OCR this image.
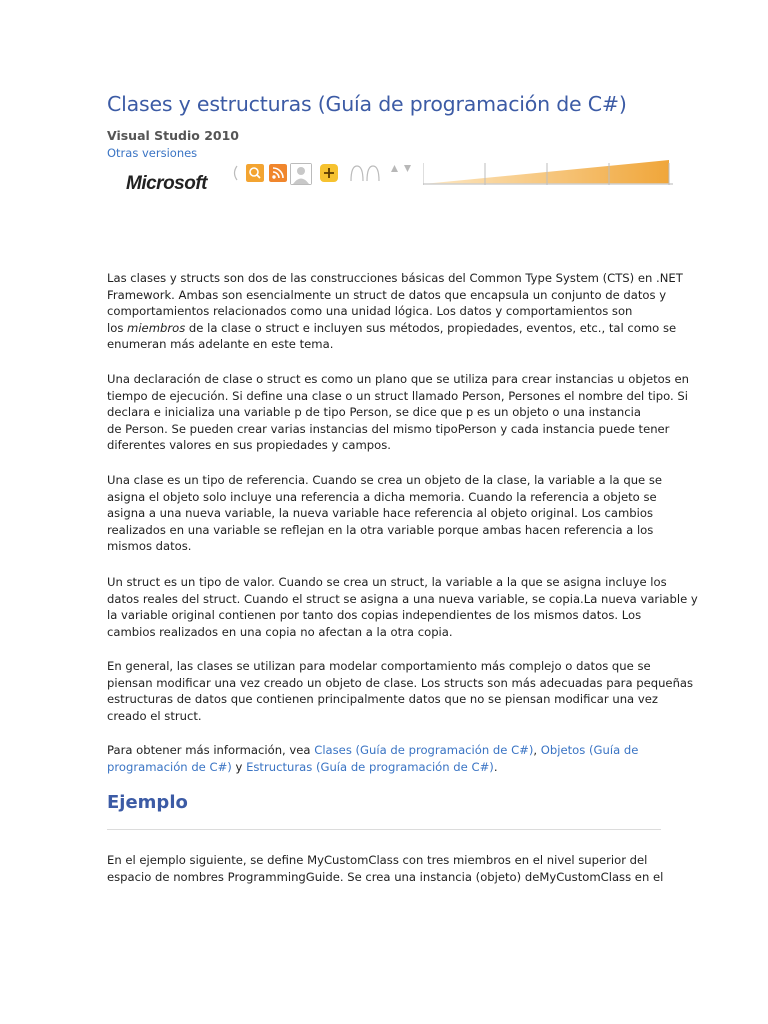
Clases y estructuras (Guía de programación de C#)
Visual Studio 2010
Otras versiones
Microsoft

Las clases y structs son dos de las construcciones básicas del Common Type System (CTS) en .NET

Framework. Ambas son esencialmente un struct de datos que encapsula un conjunto de datos y

comportamientos relacionados como una unidad lógica. Los datos y comportamientos son

los miembros de la clase o struct e incluyen sus métodos, propiedades, eventos, etc., tal como se

enumeran más adelante en este tema.

Una declaración de clase o struct es como un plano que se utiliza para crear instancias u objetos en

tiempo de ejecución. Si define una clase o un struct llamado Person, Persones el nombre del tipo. Si

declara e inicializa una variable p de tipo Person, se dice que p es un objeto o una instancia

de Person. Se pueden crear varias instancias del mismo tipoPerson y cada instancia puede tener

diferentes valores en sus propiedades y campos.

Una clase es un tipo de referencia. Cuando se crea un objeto de la clase, la variable a la que se

asigna el objeto solo incluye una referencia a dicha memoria. Cuando la referencia a objeto se

asigna a una nueva variable, la nueva variable hace referencia al objeto original. Los cambios

realizados en una variable se reflejan en la otra variable porque ambas hacen referencia a los

mismos datos.

Un struct es un tipo de valor. Cuando se crea un struct, la variable a la que se asigna incluye los

datos reales del struct. Cuando el struct se asigna a una nueva variable, se copia.La nueva variable y

la variable original contienen por tanto dos copias independientes de los mismos datos. Los

cambios realizados en una copia no afectan a la otra copia.

En general, las clases se utilizan para modelar comportamiento más complejo o datos que se

piensan modificar una vez creado un objeto de clase. Los structs son más adecuadas para pequeñas

estructuras de datos que contienen principalmente datos que no se piensan modificar una vez

creado el struct.

Para obtener más información, vea Clases (Guía de programación de C#), Objetos (Guía de

programación de C#) y Estructuras (Guía de programación de C#).

En el ejemplo siguiente, se define MyCustomClass con tres miembros en el nivel superior del

espacio de nombres ProgrammingGuide. Se crea una instancia (objeto) deMyCustomClass en el

Ejemplo
